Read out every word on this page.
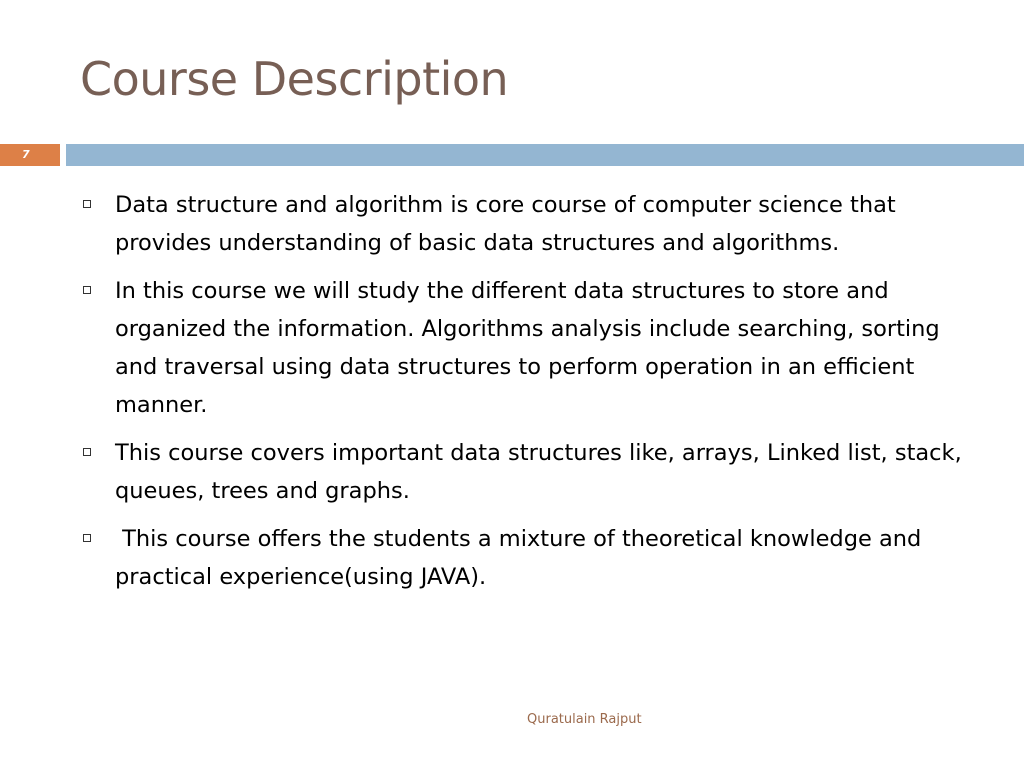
Course Description
7
Data structure and algorithm is core course of computer science that provides understanding of basic data structures and algorithms.
In this course we will study the different data structures to store and organized the information. Algorithms analysis include searching, sorting and traversal using data structures to perform operation in an efficient manner.
This course covers important data structures like, arrays, Linked list, stack, queues, trees and graphs.
This course offers the students a mixture of theoretical knowledge and practical experience(using JAVA).
Quratulain Rajput
